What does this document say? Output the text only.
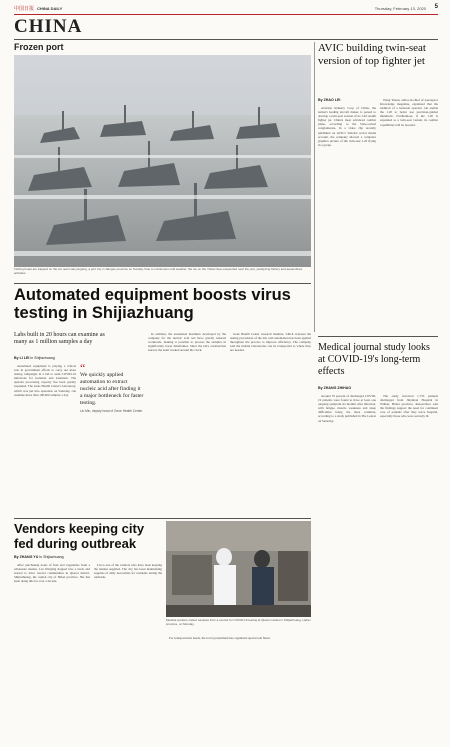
中国日报 CHINA DAILY	Thursday, February 13, 2020 5
CHINA
Frozen port
Fishing boats are trapped on the ice near Lianyungang, a port city in Jiangsu province on Sunday. Due to continuous cold weather, the ice on the Yellow Sea suspended near the port, paralyzing fishery and aquaculture activities.
AVIC building twin-seat version of top fighter jet
By ZHAO LEI

Aviation Industry Corp of China, the nation's leading aircraft maker, is poised to develop a twin-seat version of its J-20 stealth fighter jet. China's most advanced combat plane, according to the State-owned conglomerate. In a video clip recently published on AVIC's WeChat social media account, the company showed a computer graphics picture of the twin-seat J-20 flying in a group.

Wang Yanan, editor-in-chief of Aerospace Knowledge magazine, explained that the addition of a backseat operator can enable the J-20 to better use precision-guided munitions. Furthermore, if the J-20 is expanded to a twin-seat variant, its combat capabilities will be boosted.

Automated equipment boosts virus testing in Shijiazhuang
Labs built in 20 hours can examine as many as 1 million samples a day
By LI LEI in Shijiazhuang

Automated equipment is playing a critical role in government efforts to carry out mass testing campaigns in a bid to stem COVID-19 infections for isolation and treatment. The upstairs processing capacity has been greatly expanded. The Gene Health Center's laboratory, which was put into operation on Saturday, can examine more than 100,000 samples a day.

“
We quickly applied automation to extract nucleic acid after finding it a major bottleneck for faster testing.
Liu Min, deputy head of Gene Health Center

In addition, the automated machines developed by the company for the nucleic acid test have greatly reduced workloads, making it possible to process the samples in significantly lower timeframes. Since the lab's construction started, the team worked around the clock.

Gene Health Center research institute, which oversees the testing procedures of the lab, said automation has been applied throughout the process to improve efficiency. The company said the mobile laboratories can be transported to where they are needed.	Medical journal study looks at COVID-19's long-term effects
By ZHANG ZHIHAO

Around 76 percent of discharged COVID-19 patients were found to have at least one ongoing symptom six months after infection, with fatigue, muscle weakness and sleep difficulties being the most common, according to a study published in The Lancet on Saturday.

The study involved 1,733 patients discharged from Jinyintan Hospital in Wuhan, Hubei province. Researchers said the findings support the need for continued care of patients after they leave hospital, especially those who were severely ill.

Vendors keeping city fed during outbreak
By ZHANG YU in Shijiazhuang

After purchasing loads of fruit and vegetables from a wholesale market, Liu Wanying hopped into a truck and started to drive toward communities in Qiaoxi district, Shijiazhuang, the capital city of Hebei province. She has been doing this for over a decade.

Liu is one of the vendors who have been keeping the market supplied. The city has been maintaining supplies of daily necessities for residents during the outbreak.

Medical workers collect samples from a vendor for COVID-19 testing at Qiaoxi market in Shijiazhuang, Hebei province, on Monday.

For transportation needs, the local government has organized special taxi fleets.
